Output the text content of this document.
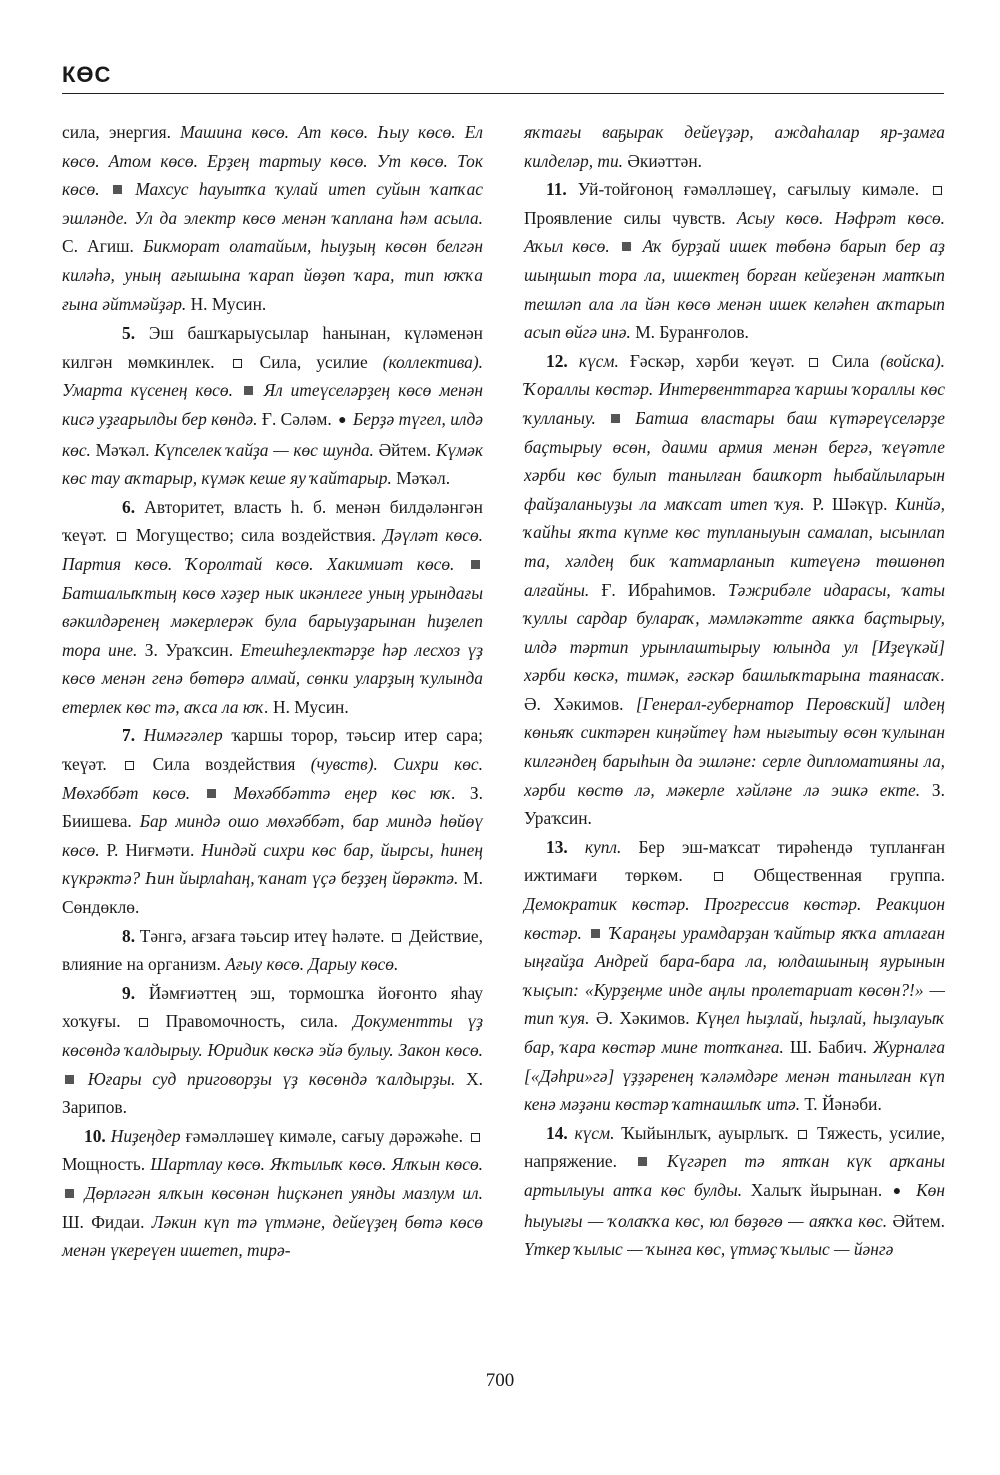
КӨС

сила, энергия. Машина көсө. Ат көсө. Һыу көсө. Ел көсө. Атом көсө. Ерҙең тартыу көсө. Ут көсө. Ток көсө. Махсус һауытҡа ҡулай итеп суйын ҡапҡас эшләнде. Ул да электр көсө менән ҡаплана һәм асыла. С. Агиш. Бикморат олатайым, һыуҙың көсөн белгән киләһә, уның ағышына ҡарап йөҙөп ҡара, тип юҡҡа ғына әйтмәйҙәр. Н. Мусин.

5. Эш башҡарыусылар һанынан, күләменән килгән мөмкинлек.  Сила, усилие (коллектива). Умарта күсенең көсө. Ял итеүселәрҙең көсө менән кисә уҙғарылды бер көндә. Ғ. Сәләм. ● Берҙә түгел, илдә көс. Мәҡәл. Күпселек ҡайҙа — көс шунда. Әйтем. Күмәк көс тау аҡтарыр, күмәк кеше яу ҡайтарыр. Мәҡәл.

6. Авторитет, власть һ. б. менән билдәләнгән ҡеүәт.  Могущество; сила воздействия. Дәүләт көсө. Партия көсө. Ҡоролтай көсө. Хакимиәт көсө.  Батшалыҡтың көсө хәҙер нык икәнлеге уның урындағы вәкилдәренең мәкерлерәк була барыуҙарынан һиҙелеп тора ине. З. Ураҡсин. Етешһеҙлектәрҙе һәр лесхоз үҙ көсө менән генә бөтөрә алмай, сөнки уларҙың ҡулында етерлек көс тә, аҡса ла юҡ. Н. Мусин.

7. Нимәгәлер ҡаршы торор, тәьсир итер сара; ҡеүәт.  Сила воздействия (чувств). Сихри көс. Мөхәббәт көсө. Мөхәббәттә еңер көс юҡ. З. Биишева. Бар миндә ошо мөхәббәт, бар миндә һөйөү көсө. Р. Ниғмәти. Ниндәй сихри көс бар, йырсы, һинең күкрәктә? Һин йырлаһаң, ҡанат үҫә беҙҙең йөрәктә. М. Сөндөклө.

8. Тәнгә, ағзаға тәьсир итеү һәләте.  Действие, влияние на организм. Ағыу көсө. Дарыу көсө.

9. Йәмғиәттең эш, тормошҡа йоғонто яһау хоҡуғы.  Правомочность, сила. Документты үҙ көсөндә ҡалдырыу. Юридик көскә эйә булыу. Закон көсө.  Юғары суд приговорҙы үҙ көсөндә ҡалдырҙы. Х. Зарипов.

10. Ниҙеңдер ғәмәлләшеү кимәле, сағыу дәрәжәһе.  Мощность. Шартлау көсө. Яҡтылыҡ көсө. Ялҡын көсө.  Дөрләгән ялҡын көсөнән һиҫкәнеп уянды мазлум ил. Ш. Фидаи. Ләкин күп тә үтмәне, дейеүҙең бөтә көсө менән үкереүен ишетеп, тирә-

яҡтағы ваҕырак дейеүҙәр, аждаһалар яр-ҙамға килделәр, ти. Әкиәттән.

11. Уй-тойғоноң ғәмәлләшеү, сағылыу кимәле.  Проявление силы чувств. Асыу көсө. Нәфрәт көсө. Аҡыл көсө. Аҡ бурҙай ишек төбөнә барып бер аҙ шыңшып тора ла, ишектең борған кейеҙенән матҡып тешләп ала ла йән көсө менән ишек келәһен аҡтарып асып өйгә инә. М. Буранғолов.

12. күсм. Ғәскәр, хәрби ҡеүәт.  Сила (войска). Ҡораллы көстәр. Интервенттарға ҡаршы ҡораллы көс ҡулланыу. Батша властары баш күтәреүселәрҙе баҫтырыу өсөн, даими армия менән бергә, ҡеүәтле хәрби көс булып танылған башҡорт һыбайлыларын файҙаланыуҙы ла маҡсат итеп ҡуя. Р. Шәкүр. Кинйә, ҡайһы яҡта күпме көс тупланыуын самалап, ысынлап та, хәлдең бик ҡатмарланып китеүенә төшөнөп алғайны. Ғ. Ибраһимов. Тәжрибәле идарасы, ҡаты ҡуллы сардар булараҡ, мәмләкәтте аякҡа баҫтырыу, илдә тәртип урынлаштырыу юлында ул [Иҙеүкәй] хәрби көскә, тимәк, ғәскәр башлыҡтарына таянасаҡ. Ә. Хәкимов. [Генерал-губернатор Перовский] илдең көньяҡ сиктәрен киңәйтеү һәм нығытыу өсөн ҡулынан килгәндең барыһын да эшләне: серле дипломатияны ла, хәрби көстө лә, мәкерле хәйләне лә эшкә екте. З. Ураҡсин.

13. купл. Бер эш-маҡсат тирәһендә тупланған ижтимағи төркөм.  Общественная группа. Демократик көстәр. Прогрессив көстәр. Реакцион көстәр. Ҡараңғы урамдарҙан ҡайтыр яҡҡа атлаған ыңғайҙа Андрей бара-бара ла, юлдашының яурынын ҡыҫып: «Курҙеңме инде аңлы пролетариат көсөн?!» — тип ҡуя. Ә. Хәкимов. Күңел һыҙлай, һыҙлай, һыҙлауыҡ бар, ҡара көстәр мине тотҡанға. Ш. Бабич. Журналға [«Дәһри»гә] үҙҙәренең ҡәләмдәре менән танылған күп кенә мәҙәни көстәр ҡатнашлыҡ итә. Т. Йәнәби.

14. күсм. Ҡыйынлыҡ, ауырлыҡ.  Тяжесть, усилие, напряжение.	Күгәреп тә ятҡан күк арҡаны артылыуы атҡа көс булды. Халыҡ йырынан. ● Көн һыуығы — ҡолаҡҡа көс, юл бөҙөгө — аяҡҡа көс. Әйтем. Үткер ҡылыс — ҡынға көс, үтмәҫ ҡылыс — йәнгә

700
